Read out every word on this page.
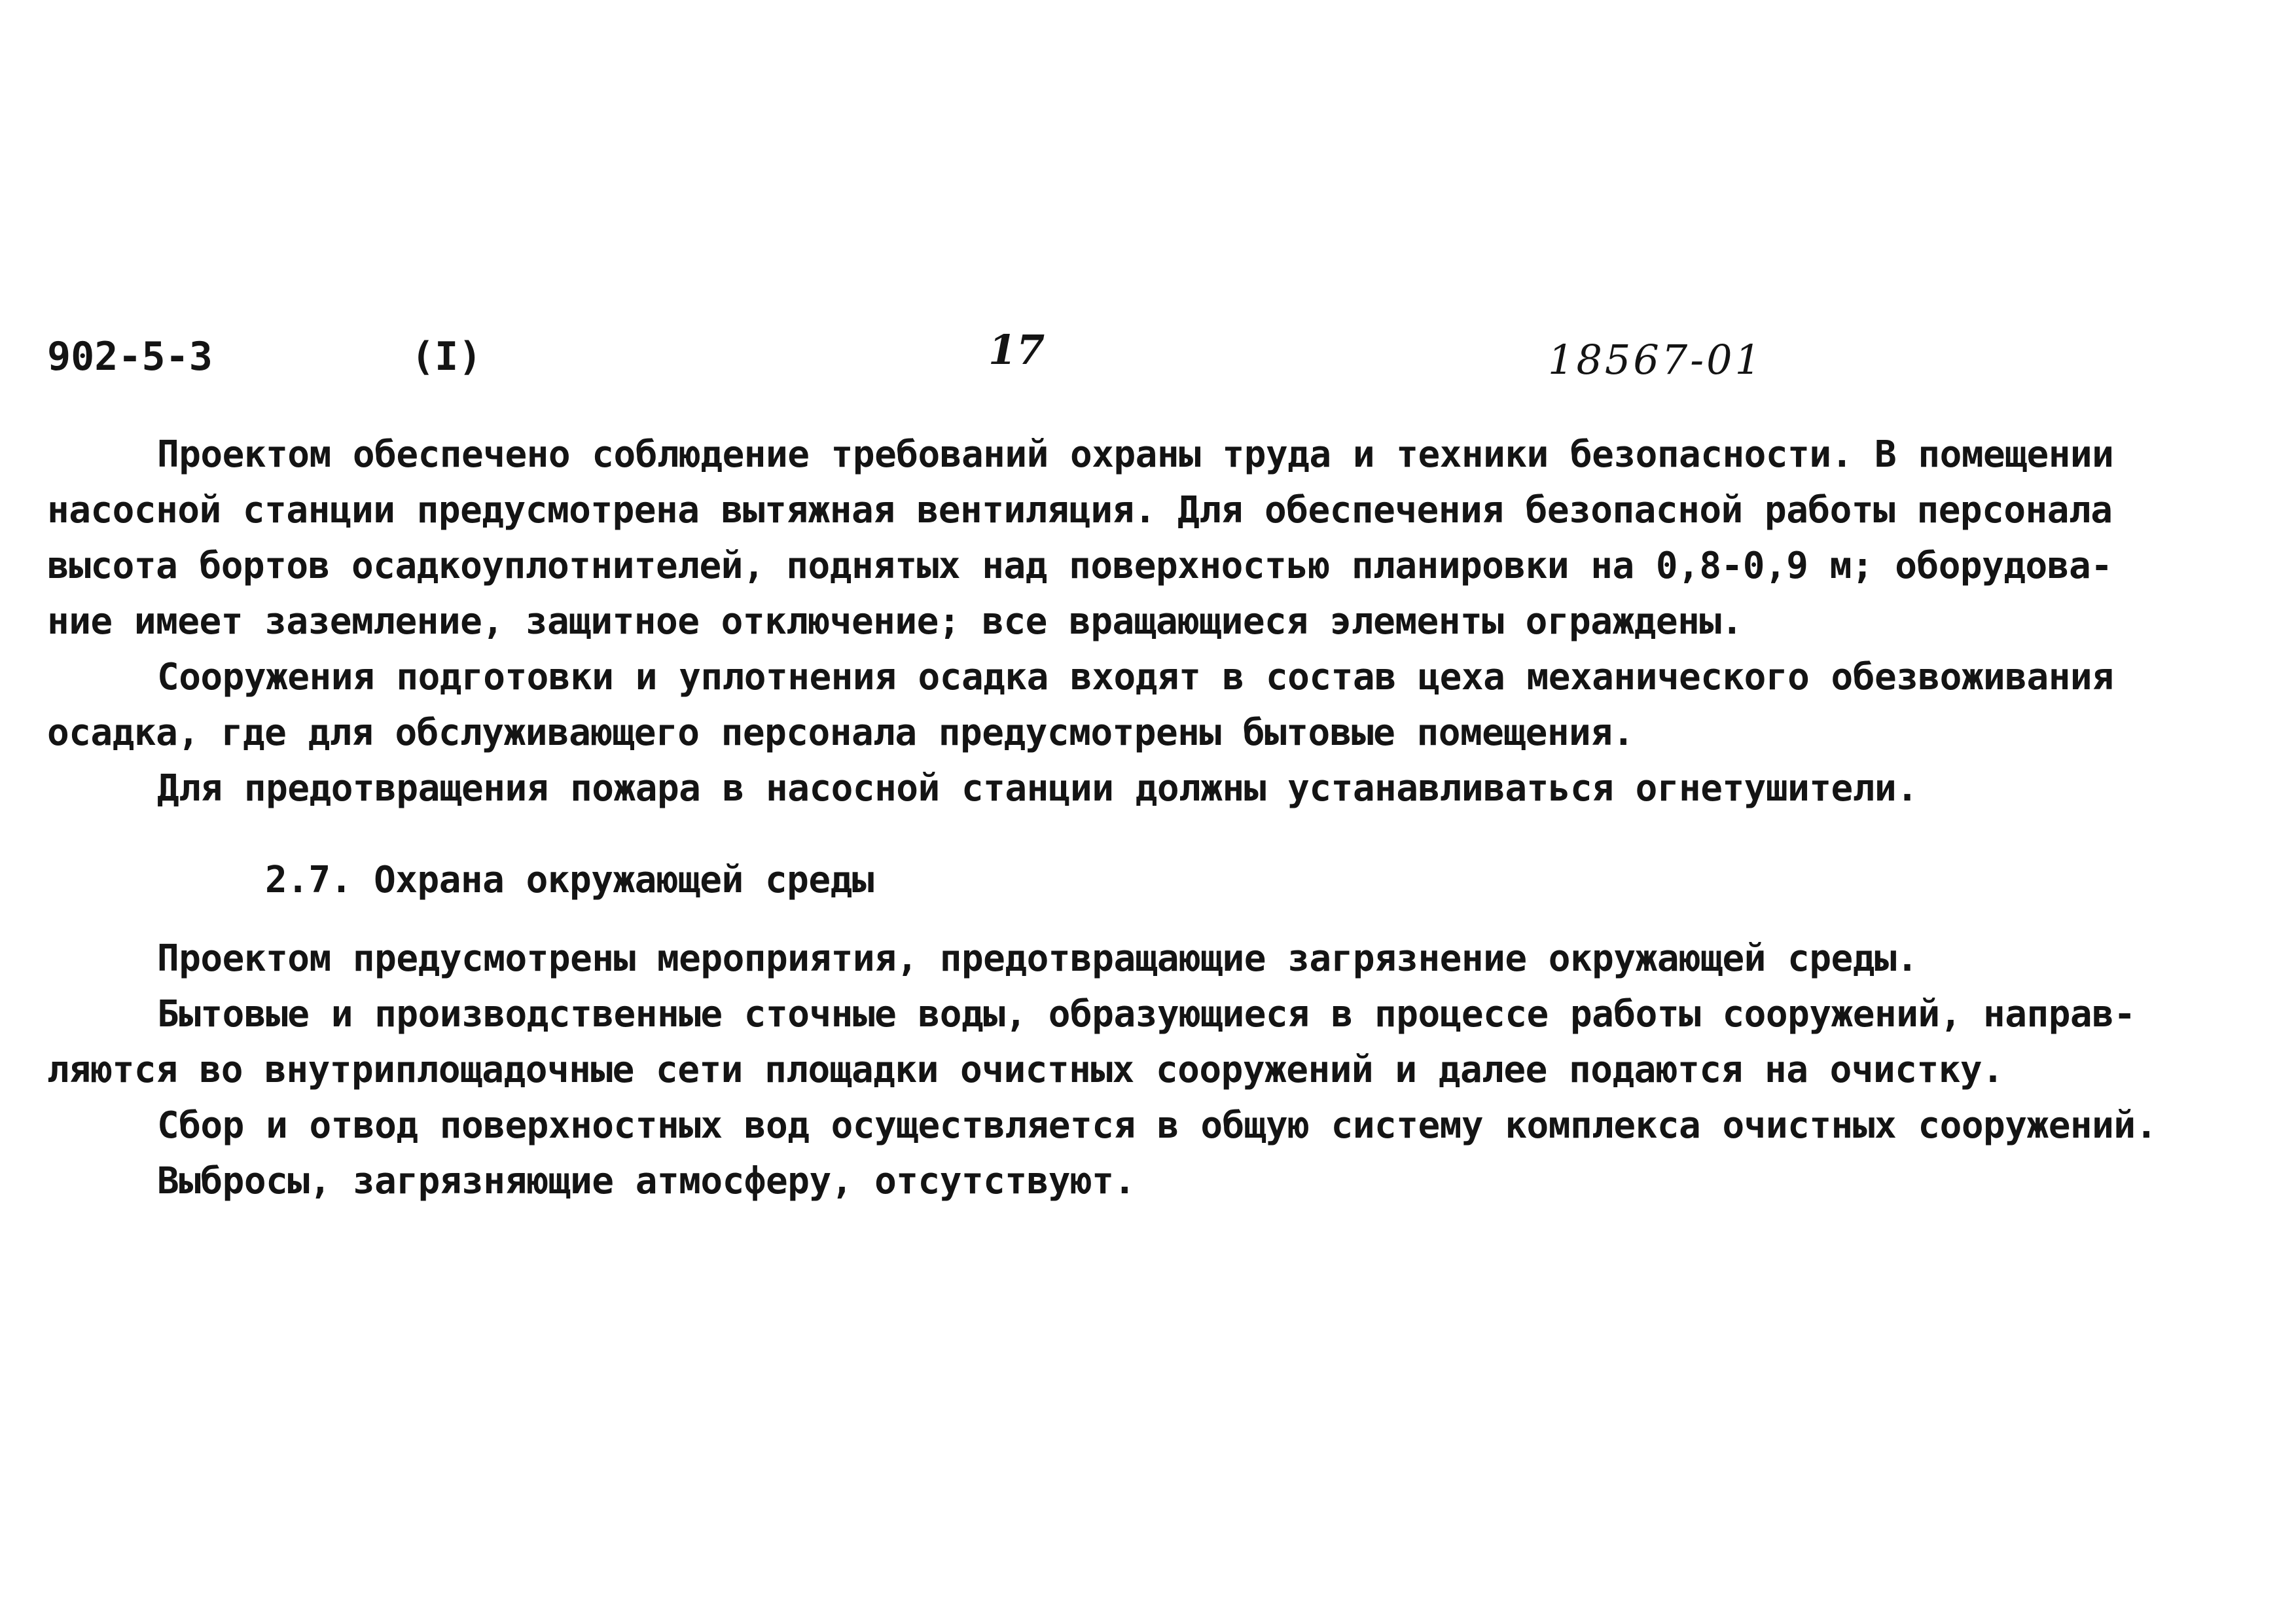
902-5-3	(I)	17	18567-01
Проектом обеспечено соблюдение требований охраны труда и техники безопасности. В помещении
насосной станции предусмотрена вытяжная вентиляция. Для обеспечения безопасной работы персонала
высота бортов осадкоуплотнителей, поднятых над поверхностью планировки на 0,8-0,9 м; оборудова-
ние имеет заземление, защитное отключение; все вращающиеся элементы ограждены.
Сооружения подготовки и уплотнения осадка входят в состав цеха механического обезвоживания
осадка, где для обслуживающего персонала предусмотрены бытовые помещения.
Для предотвращения пожара в насосной станции должны устанавливаться огнетушители.
2.7. Охрана окружающей среды
Проектом предусмотрены мероприятия, предотвращающие загрязнение окружающей среды.
Бытовые и производственные сточные воды, образующиеся в процессе работы сооружений, направ-
ляются во внутриплощадочные сети площадки очистных сооружений и далее подаются на очистку.
Сбор и отвод поверхностных вод осуществляется в общую систему комплекса очистных сооружений.
Выбросы, загрязняющие атмосферу, отсутствуют.
